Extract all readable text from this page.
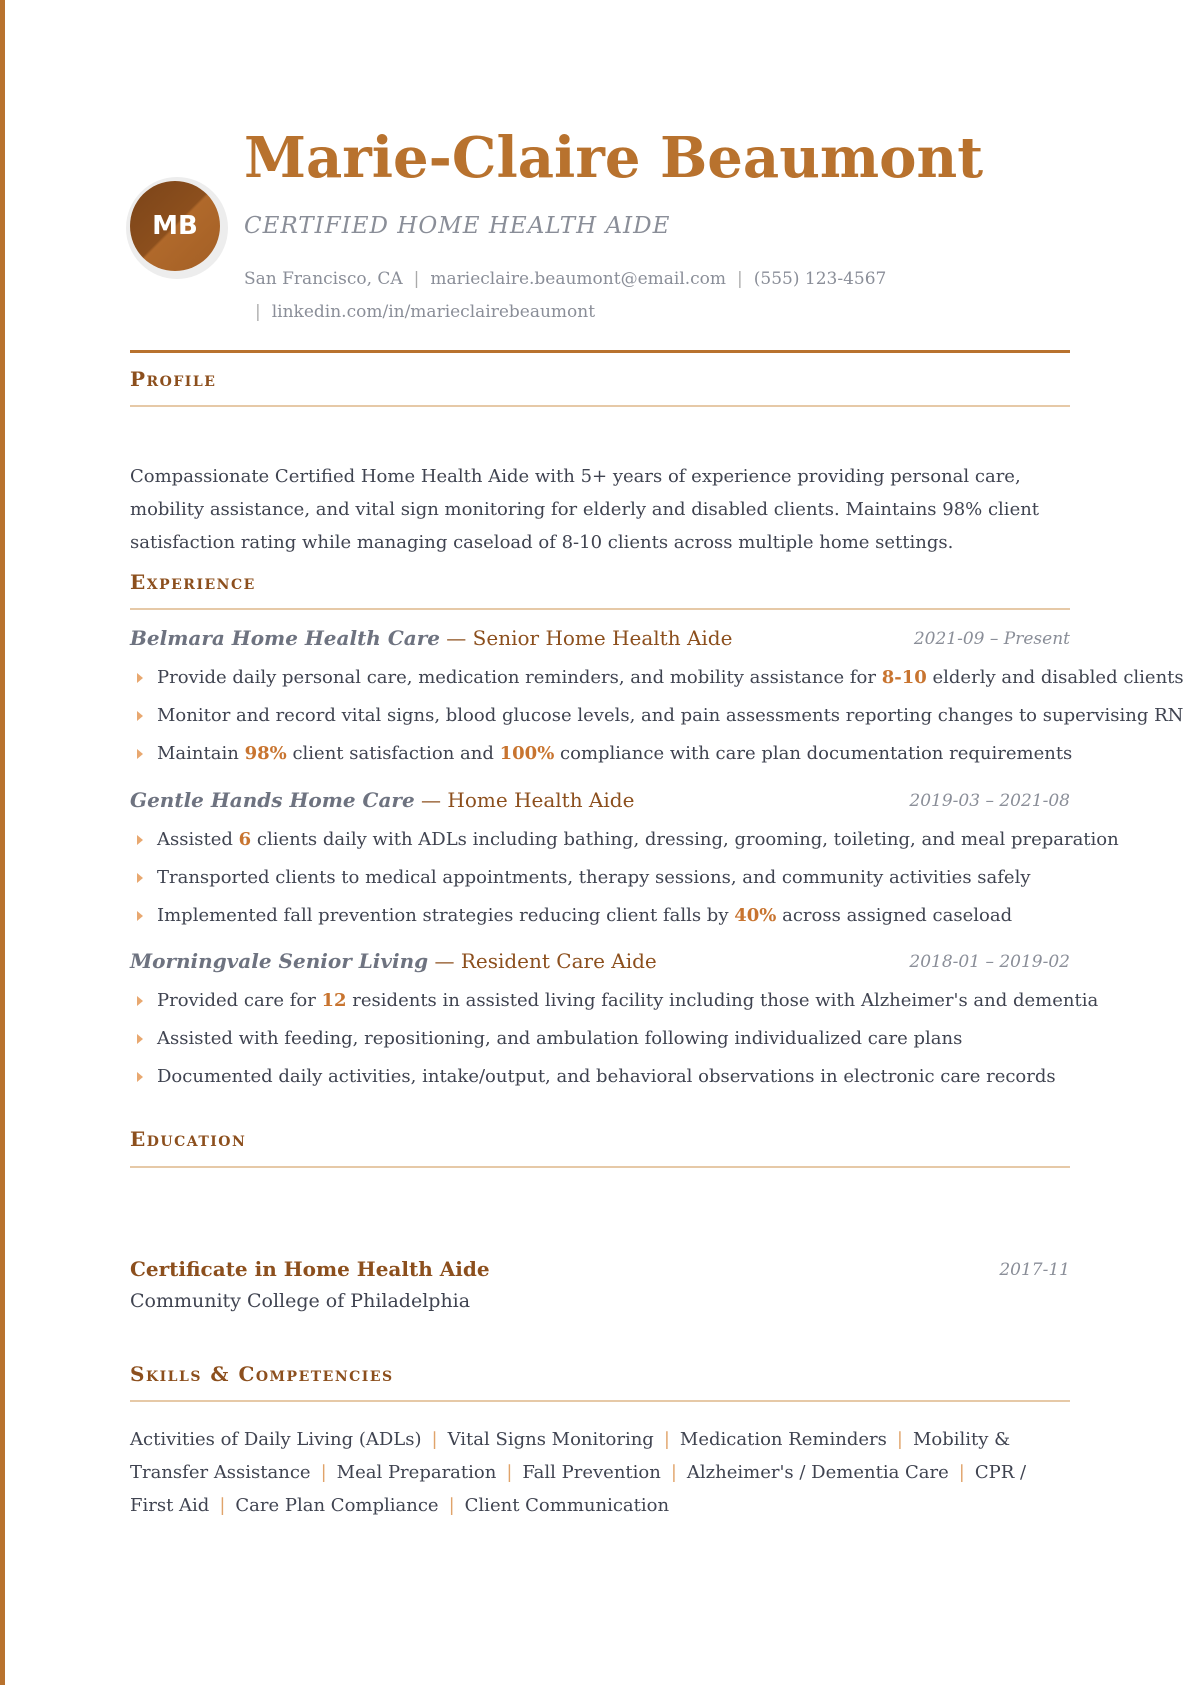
MB
Marie-Claire Beaumont
CERTIFIED HOME HEALTH AIDE
San Francisco, CA | marieclaire.beaumont@email.com | (555) 123-4567
| linkedin.com/in/marieclairebeaumont
Profile
Compassionate Certified Home Health Aide with 5+ years of experience providing personal care, mobility assistance, and vital sign monitoring for elderly and disabled clients. Maintains 98% client satisfaction rating while managing caseload of 8-10 clients across multiple home settings.
Experience
Belmara Home Health Care — Senior Home Health Aide	2021-09 – Present
Provide daily personal care, medication reminders, and mobility assistance for 8-10 elderly and disabled clients
Monitor and record vital signs, blood glucose levels, and pain assessments reporting changes to supervising RN
Maintain 98% client satisfaction and 100% compliance with care plan documentation requirements
Gentle Hands Home Care — Home Health Aide	2019-03 – 2021-08
Assisted 6 clients daily with ADLs including bathing, dressing, grooming, toileting, and meal preparation
Transported clients to medical appointments, therapy sessions, and community activities safely
Implemented fall prevention strategies reducing client falls by 40% across assigned caseload
Morningvale Senior Living — Resident Care Aide	2018-01 – 2019-02
Provided care for 12 residents in assisted living facility including those with Alzheimer's and dementia
Assisted with feeding, repositioning, and ambulation following individualized care plans
Documented daily activities, intake/output, and behavioral observations in electronic care records
Education
Certificate in Home Health Aide	2017-11
Community College of Philadelphia
Skills & Competencies
Activities of Daily Living (ADLs) | Vital Signs Monitoring | Medication Reminders | Mobility & Transfer Assistance | Meal Preparation | Fall Prevention | Alzheimer's / Dementia Care | CPR / First Aid | Care Plan Compliance | Client Communication
